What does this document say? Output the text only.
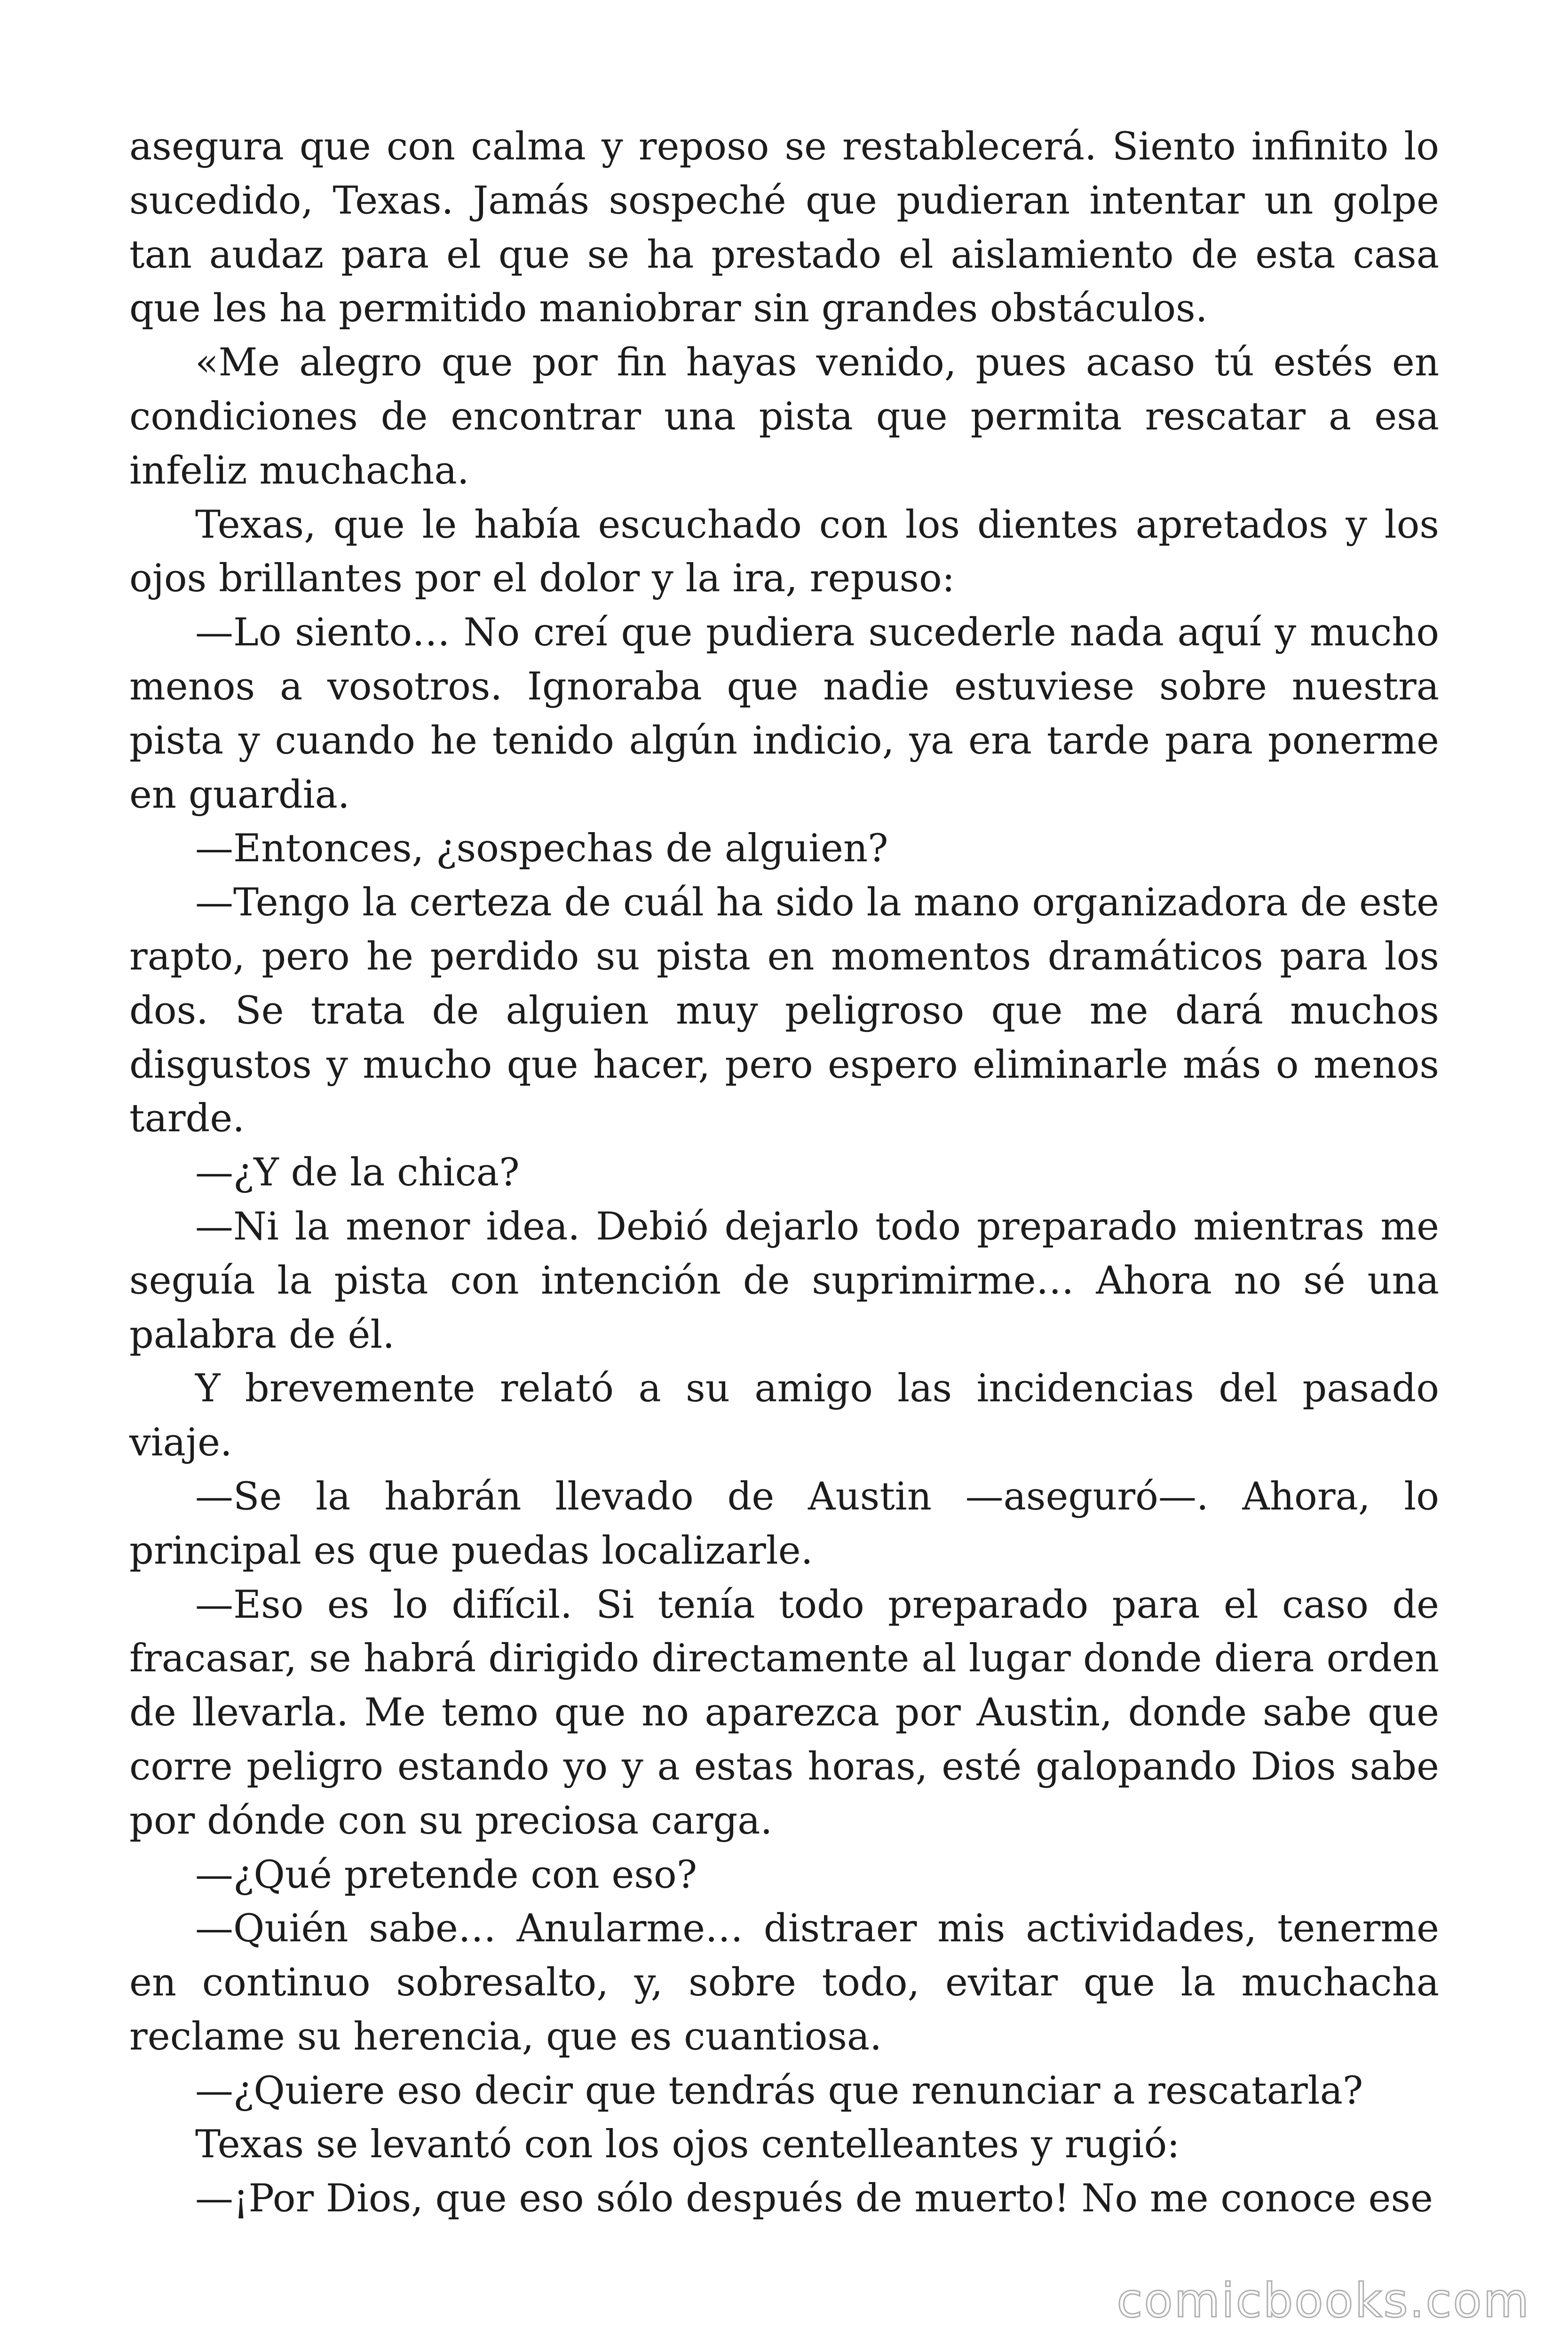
asegura que con calma y reposo se restablecerá. Siento infinito lo sucedido, Texas. Jamás sospeché que pudieran intentar un golpe tan audaz para el que se ha prestado el aislamiento de esta casa que les ha permitido maniobrar sin grandes obstáculos.

«Me alegro que por fin hayas venido, pues acaso tú estés en condiciones de encontrar una pista que permita rescatar a esa infeliz muchacha.

Texas, que le había escuchado con los dientes apretados y los ojos brillantes por el dolor y la ira, repuso:

—Lo siento… No creí que pudiera sucederle nada aquí y mucho menos a vosotros. Ignoraba que nadie estuviese sobre nuestra pista y cuando he tenido algún indicio, ya era tarde para ponerme en guardia.

—Entonces, ¿sospechas de alguien?

—Tengo la certeza de cuál ha sido la mano organizadora de este rapto, pero he perdido su pista en momentos dramáticos para los dos. Se trata de alguien muy peligroso que me dará muchos disgustos y mucho que hacer, pero espero eliminarle más o menos tarde.

—¿Y de la chica?

—Ni la menor idea. Debió dejarlo todo preparado mientras me seguía la pista con intención de suprimirme… Ahora no sé una palabra de él.

Y brevemente relató a su amigo las incidencias del pasado viaje.

—Se la habrán llevado de Austin —aseguró—. Ahora, lo principal es que puedas localizarle.

—Eso es lo difícil. Si tenía todo preparado para el caso de fracasar, se habrá dirigido directamente al lugar donde diera orden de llevarla. Me temo que no aparezca por Austin, donde sabe que corre peligro estando yo y a estas horas, esté galopando Dios sabe por dónde con su preciosa carga.

—¿Qué pretende con eso?

—Quién sabe… Anularme… distraer mis actividades, tenerme en continuo sobresalto, y, sobre todo, evitar que la muchacha reclame su herencia, que es cuantiosa.

—¿Quiere eso decir que tendrás que renunciar a rescatarla?

Texas se levantó con los ojos centelleantes y rugió:

—¡Por Dios, que eso sólo después de muerto! No me conoce ese

comicbooks.com
